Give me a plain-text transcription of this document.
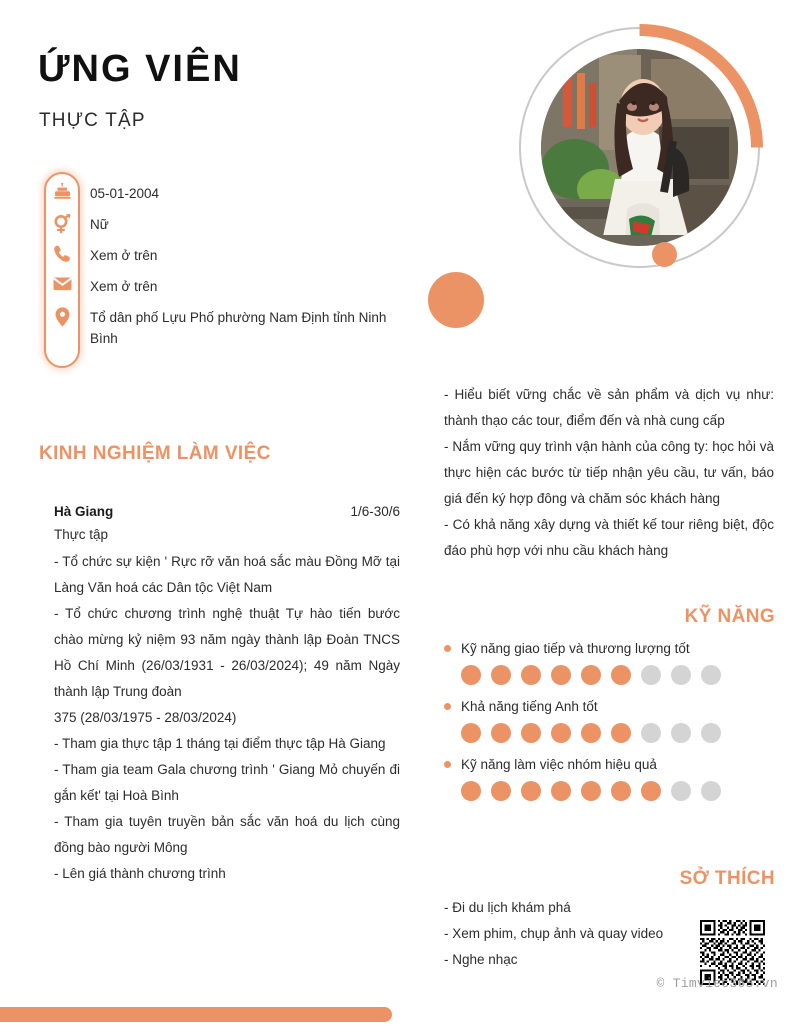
ỨNG VIÊN
THỰC TẬP
05-01-2004
Nữ
Xem ở trên
Xem ở trên
Tổ dân phố Lựu Phố phường Nam Định tỉnh Ninh Bình
KINH NGHIỆM LÀM VIỆC
Hà Giang	1/6-30/6
Thực tập

- Tổ chức sự kiện ' Rực rỡ văn hoá sắc màu Đồng Mỡ tại Làng Văn hoá các Dân tộc Việt Nam

- Tổ chức chương trình nghệ thuật Tự hào tiến bước chào mừng kỷ niệm 93 năm ngày thành lập Đoàn TNCS Hồ Chí Minh (26/03/1931 - 26/03/2024); 49 năm Ngày thành lập Trung đoàn

375 (28/03/1975 - 28/03/2024)

- Tham gia thực tập 1 tháng tại điểm thực tập Hà Giang

- Tham gia team Gala chương trình ' Giang Mỏ chuyến đi gắn kết' tại Hoà Bình

- Tham gia tuyên truyền bản sắc văn hoá du lịch cùng đồng bào người Mông

- Lên giá thành chương trình

- Hiểu biết vững chắc về sản phẩm và dịch vụ như: thành thạo các tour, điểm đến và nhà cung cấp

- Nắm vững quy trình vận hành của công ty: học hỏi và thực hiện các bước từ tiếp nhận yêu cầu, tư vấn, báo giá đến ký hợp đông và chăm sóc khách hàng

- Có khả năng xây dựng và thiết kế tour riêng biệt, độc đáo phù hợp với nhu cầu khách hàng

KỸ NĂNG
Kỹ năng giao tiếp và thương lượng tốt
Khả năng tiếng Anh tốt
Kỹ năng làm việc nhóm hiệu quả
SỞ THÍCH

- Đi du lịch khám phá

- Xem phim, chụp ảnh và quay video

- Nghe nhạc

© Timviec365.vn
